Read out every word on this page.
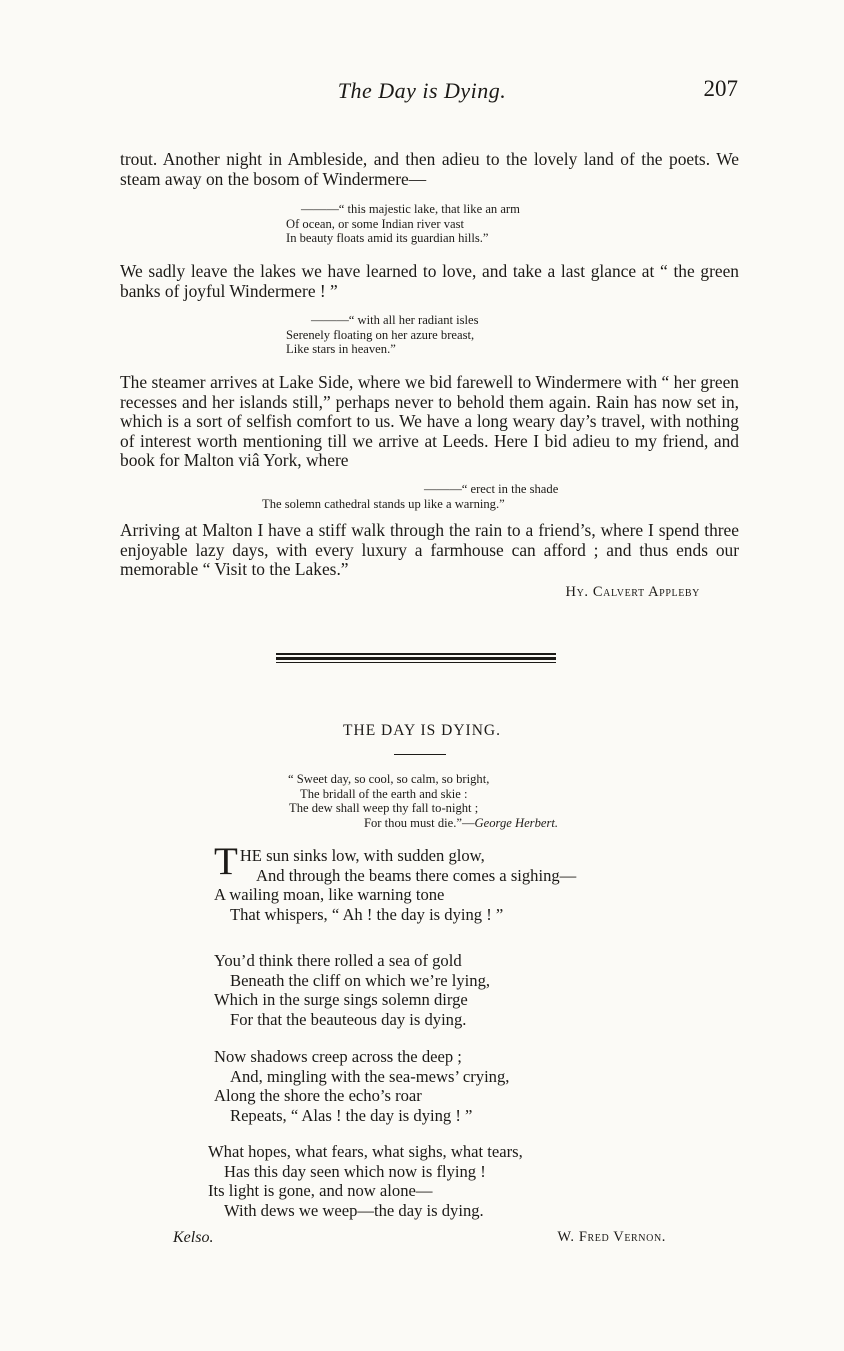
The Day is Dying.	207
trout. Another night in Ambleside, and then adieu to the lovely land of the poets. We steam away on the bosom of Windermere—
———“ this majestic lake, that like an arm
Of ocean, or some Indian river vast
In beauty floats amid its guardian hills.”
We sadly leave the lakes we have learned to love, and take a last glance at “ the green banks of joyful Windermere ! ”
———“ with all her radiant isles
Serenely floating on her azure breast,
Like stars in heaven.”
The steamer arrives at Lake Side, where we bid farewell to Windermere with “ her green recesses and her islands still,” perhaps never to behold them again. Rain has now set in, which is a sort of selfish comfort to us. We have a long weary day’s travel, with nothing of interest worth mentioning till we arrive at Leeds. Here I bid adieu to my friend, and book for Malton viâ York, where
———“ erect in the shade
The solemn cathedral stands up like a warning.”
Arriving at Malton I have a stiff walk through the rain to a friend’s, where I spend three enjoyable lazy days, with every luxury a farmhouse can afford ; and thus ends our memorable “ Visit to the Lakes.”
Hy. Calvert Appleby
THE DAY IS DYING.
“ Sweet day, so cool, so calm, so bright,
The bridall of the earth and skie :
The dew shall weep thy fall to-night ;
For thou must die.”—George Herbert.
T HE sun sinks low, with sudden glow,
And through the beams there comes a sighing—
A wailing moan, like warning tone
That whispers, “ Ah ! the day is dying ! ”
You’d think there rolled a sea of gold
Beneath the cliff on which we’re lying,
Which in the surge sings solemn dirge
For that the beauteous day is dying.
Now shadows creep across the deep ;
And, mingling with the sea-mews’ crying,
Along the shore the echo’s roar
Repeats, “ Alas ! the day is dying ! ”
What hopes, what fears, what sighs, what tears,
Has this day seen which now is flying !
Its light is gone, and now alone—
With dews we weep—the day is dying.
Kelso.	W. Fred Vernon.
